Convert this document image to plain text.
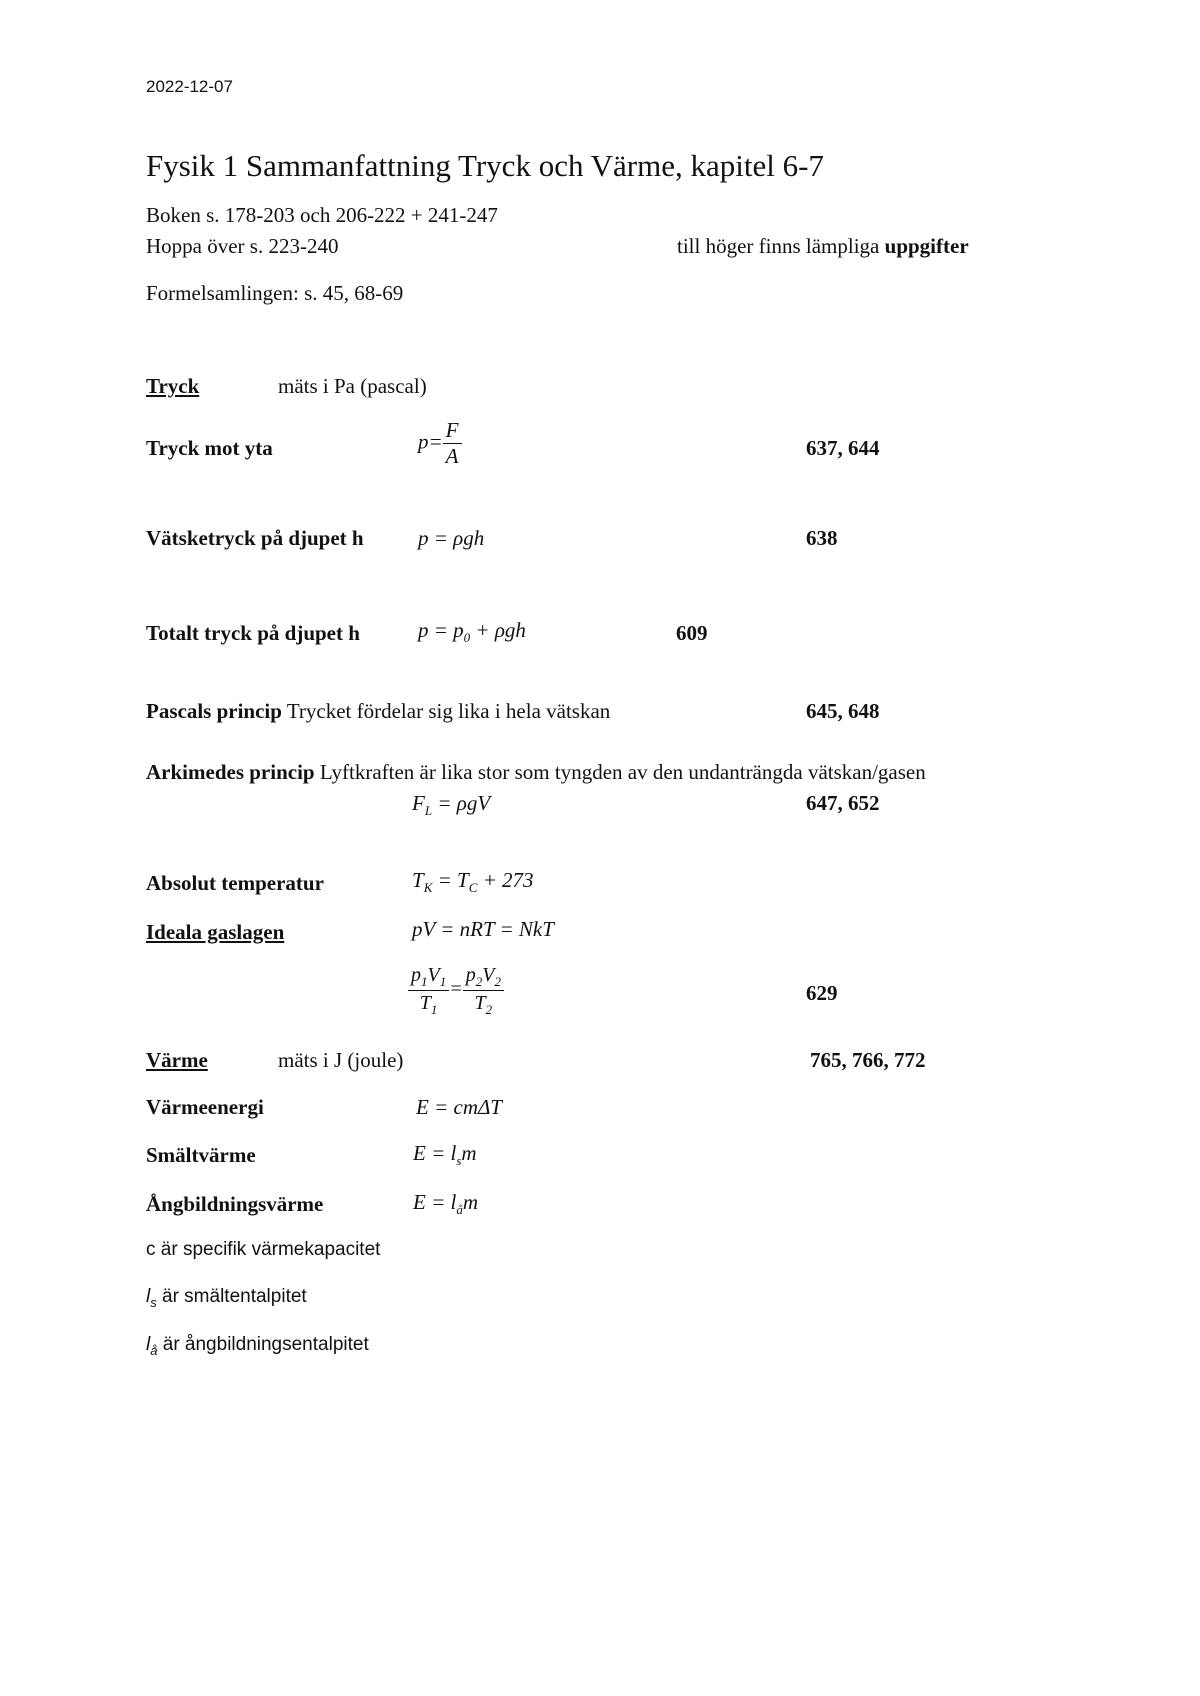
2022-12-07
Fysik 1 Sammanfattning Tryck och Värme, kapitel 6-7
Boken s. 178-203 och 206-222 + 241-247
Hoppa över s. 223-240	till höger finns lämpliga uppgifter
Formelsamlingen: s. 45, 68-69
Tryck	mäts i Pa (pascal)
Tryck mot yta	$p= \frac{F}{A}$	637, 644
Vätsketryck på djupet h	p = ρgh	638
Totalt tryck på djupet h	$p = p_0 + \rho gh$	609
Pascals princip Trycket fördelar sig lika i hela vätskan	645, 648
Arkimedes princip Lyftkraften är lika stor som tyngden av den undanträngda vätskan/gasen
$F_L = \rho gV$	647, 652
Absolut temperatur	$T_K = T_C + 273$
Ideala gaslagen	pV = nRT = NkT
$\frac{p_1V_1}{T_1} = \frac{p_2V_2}{T_2}$	629
Värme	mäts i J (joule)	765, 766, 772
Värmeenergi	E = cmΔT
Smältvärme	$E = l_sm$
Ångbildningsvärme	$E = l_åm$
c är specifik värmekapacitet
$l_s$ är smältentalpitet
$l_å$ är ångbildningsentalpitet
